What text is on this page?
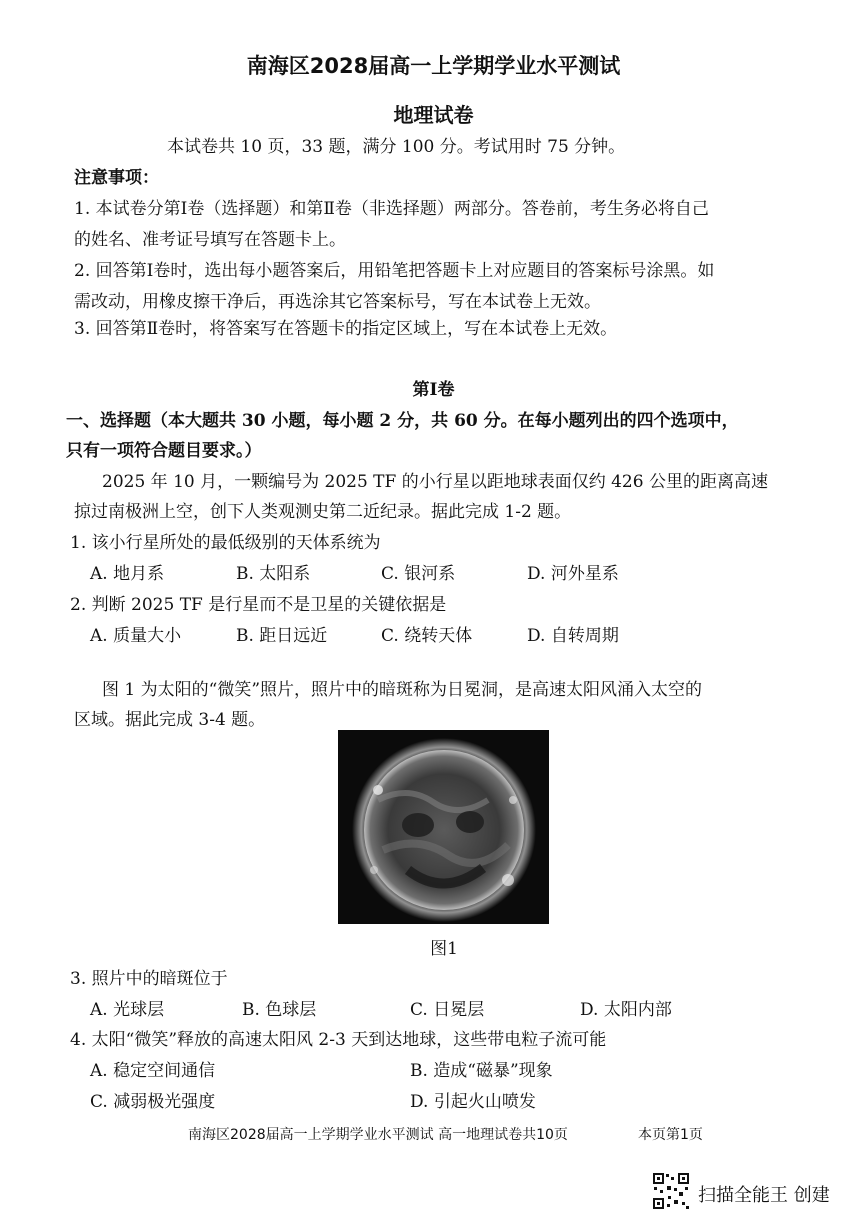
南海区2028届高一上学期学业水平测试
地理试卷
本试卷共 10 页，33 题，满分 100 分。考试用时 75 分钟。
注意事项：
1. 本试卷分第Ⅰ卷（选择题）和第Ⅱ卷（非选择题）两部分。答卷前，考生务必将自己
的姓名、准考证号填写在答题卡上。
2. 回答第Ⅰ卷时，选出每小题答案后，用铅笔把答题卡上对应题目的答案标号涂黑。如
需改动，用橡皮擦干净后，再选涂其它答案标号，写在本试卷上无效。
3. 回答第Ⅱ卷时，将答案写在答题卡的指定区域上，写在本试卷上无效。
第Ⅰ卷
一、选择题（本大题共 30 小题，每小题 2 分，共 60 分。在每小题列出的四个选项中，
只有一项符合题目要求。）
2025 年 10 月，一颗编号为 2025 TF 的小行星以距地球表面仅约 426 公里的距离高速
掠过南极洲上空，创下人类观测史第二近纪录。据此完成 1-2 题。
1. 该小行星所处的最低级别的天体系统为
A. 地月系	B. 太阳系	C. 银河系	D. 河外星系
2. 判断 2025 TF 是行星而不是卫星的关键依据是
A. 质量大小	B. 距日远近	C. 绕转天体	D. 自转周期
图 1 为太阳的“微笑”照片，照片中的暗斑称为日冕洞，是高速太阳风涌入太空的
区域。据此完成 3-4 题。
图1
3. 照片中的暗斑位于
A. 光球层	B. 色球层	C. 日冕层	D. 太阳内部
4. 太阳“微笑”释放的高速太阳风 2-3 天到达地球，这些带电粒子流可能
A. 稳定空间通信	B. 造成“磁暴”现象
C. 减弱极光强度	D. 引起火山喷发
南海区2028届高一上学期学业水平测试 高一地理试卷共10页	本页第1页
扫描全能王 创建
